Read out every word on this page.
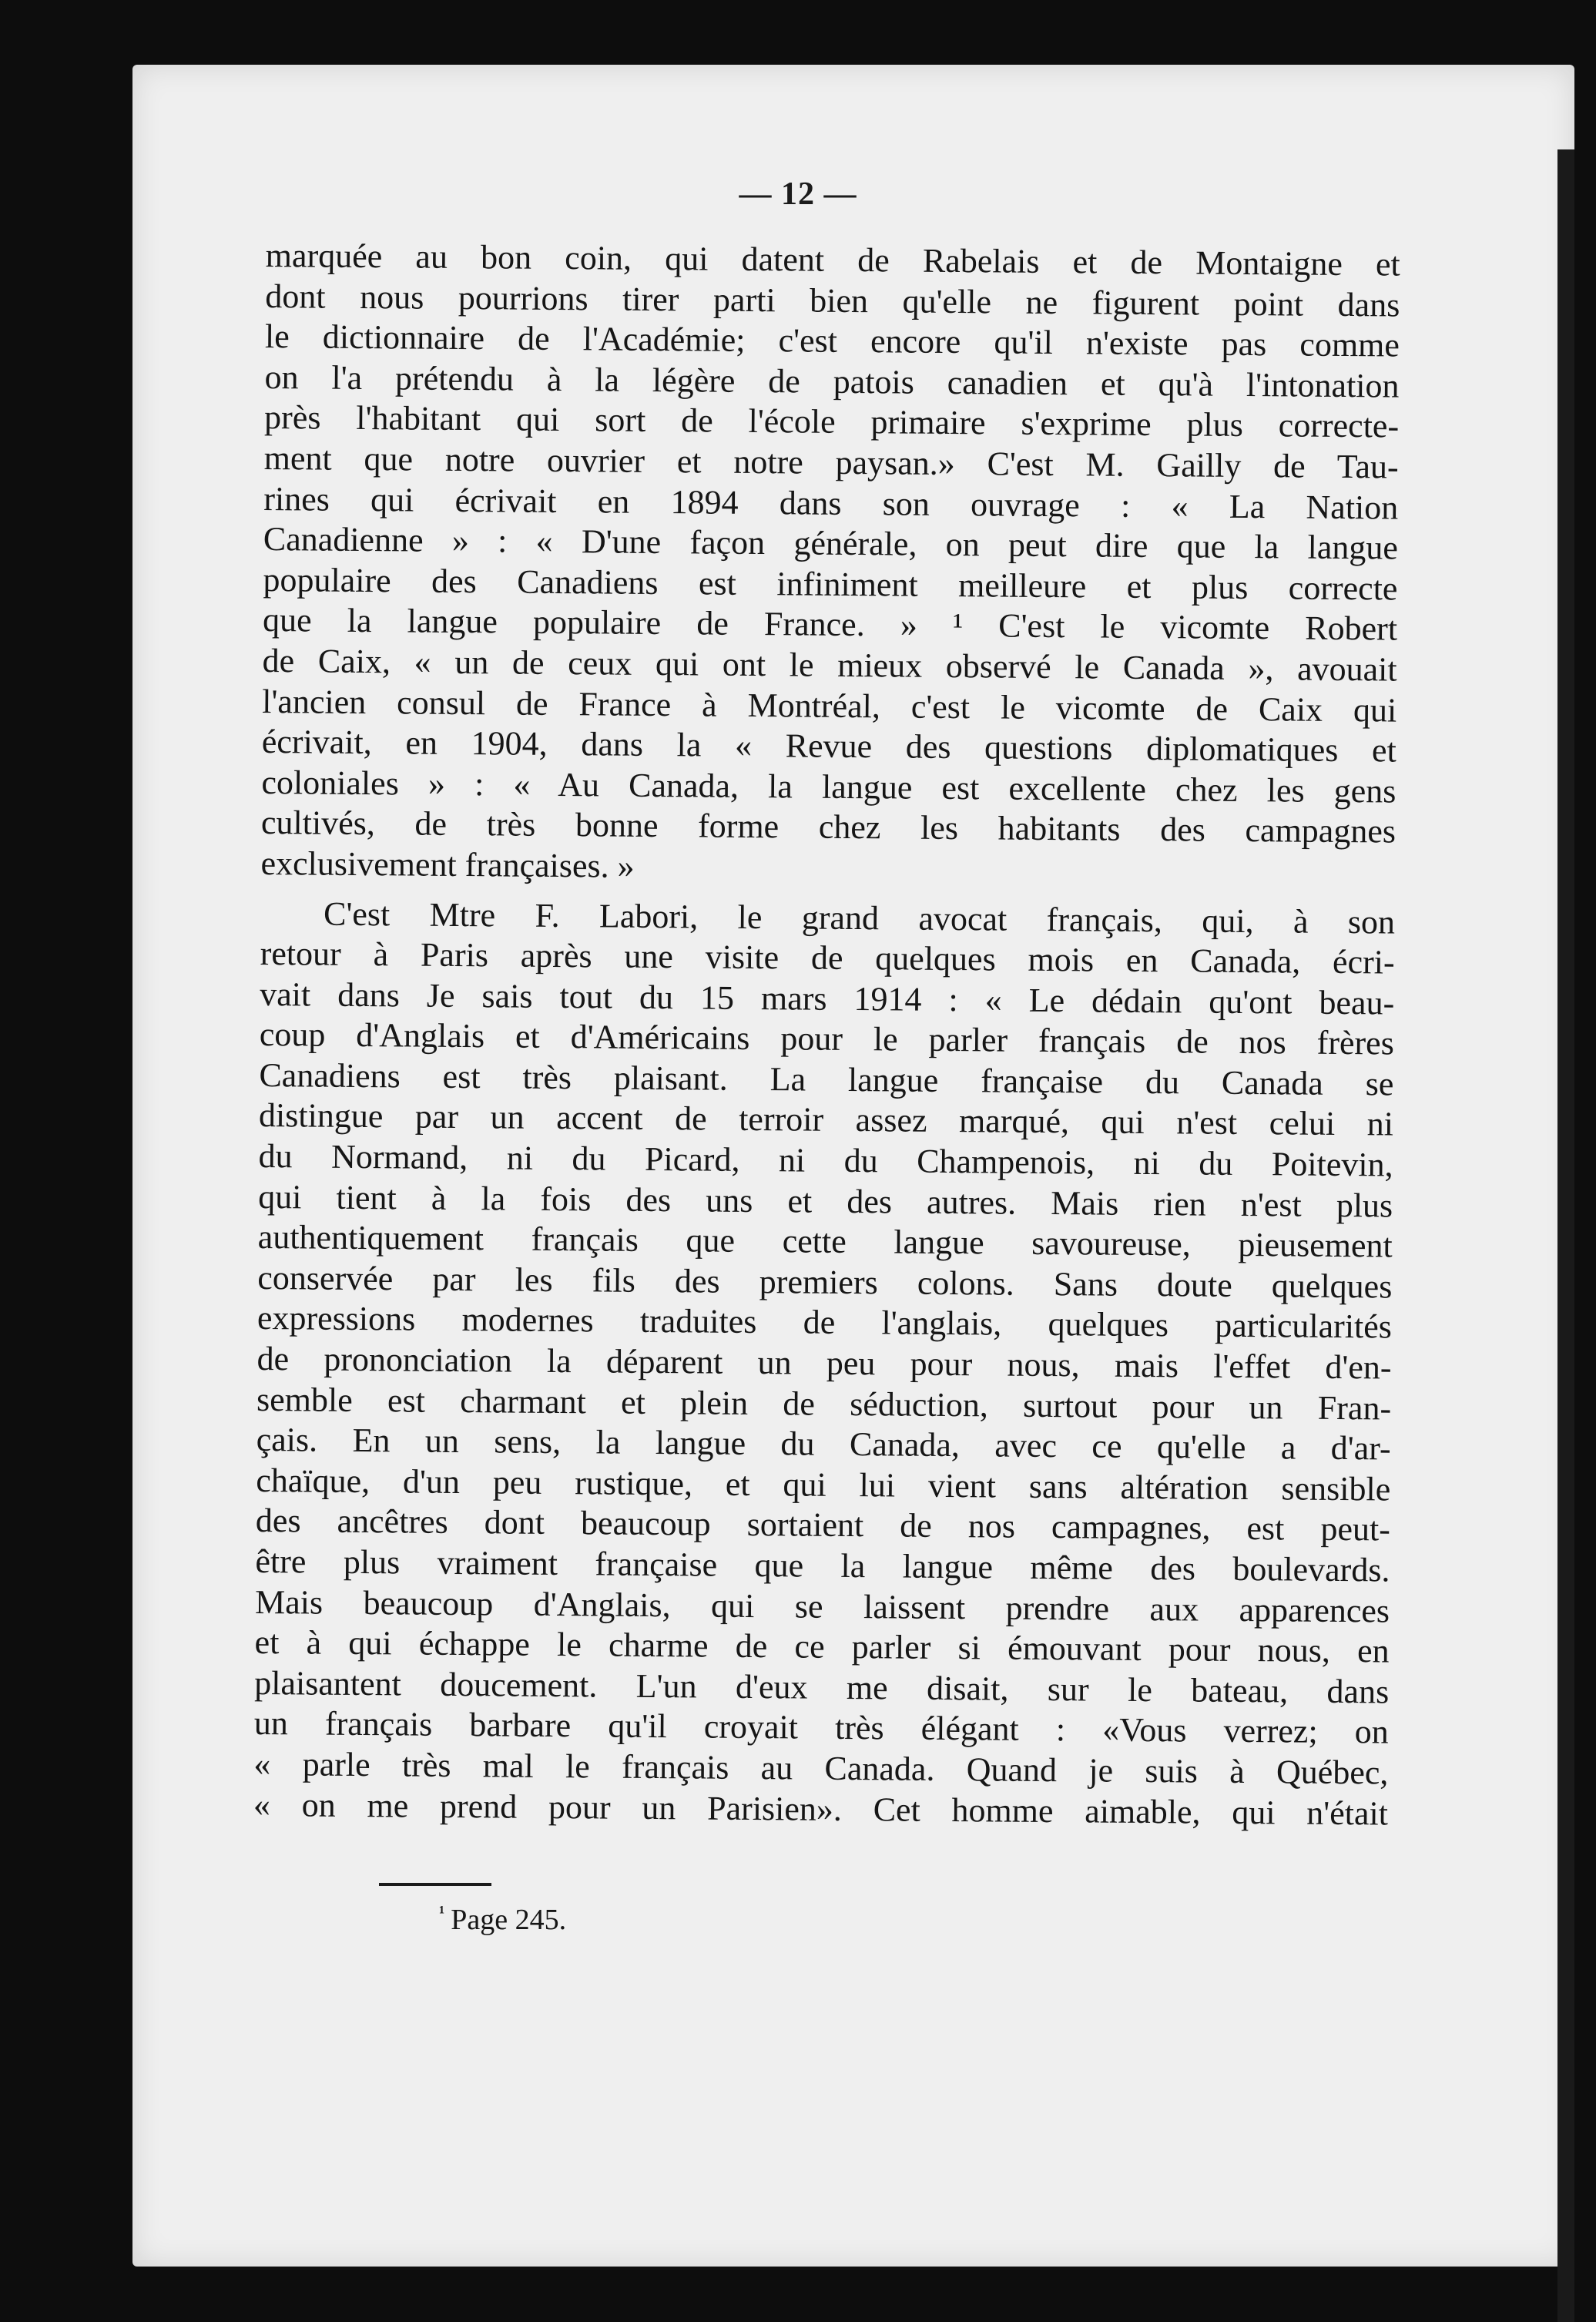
— 12 —
marquée au bon coin, qui datent de Rabelais et de Montaigne et
dont nous pourrions tirer parti bien qu'elle ne figurent point dans
le dictionnaire de l'Académie; c'est encore qu'il n'existe pas comme
on l'a prétendu à la légère de patois canadien et qu'à l'intonation
près l'habitant qui sort de l'école primaire s'exprime plus correcte-
ment que notre ouvrier et notre paysan.» C'est M. Gailly de Tau-
rines qui écrivait en 1894 dans son ouvrage : « La Nation
Canadienne » : « D'une façon générale, on peut dire que la langue
populaire des Canadiens est infiniment meilleure et plus correcte
que la langue populaire de France. » ¹ C'est le vicomte Robert
de Caix, « un de ceux qui ont le mieux observé le Canada », avouait
l'ancien consul de France à Montréal, c'est le vicomte de Caix qui
écrivait, en 1904, dans la « Revue des questions diplomatiques et
coloniales » : « Au Canada, la langue est excellente chez les gens
cultivés, de très bonne forme chez les habitants des campagnes
exclusivement françaises. »
C'est Mtre F. Labori, le grand avocat français, qui, à son
retour à Paris après une visite de quelques mois en Canada, écri-
vait dans Je sais tout du 15 mars 1914 : « Le dédain qu'ont beau-
coup d'Anglais et d'Américains pour le parler français de nos frères
Canadiens est très plaisant. La langue française du Canada se
distingue par un accent de terroir assez marqué, qui n'est celui ni
du Normand, ni du Picard, ni du Champenois, ni du Poitevin,
qui tient à la fois des uns et des autres. Mais rien n'est plus
authentiquement français que cette langue savoureuse, pieusement
conservée par les fils des premiers colons. Sans doute quelques
expressions modernes traduites de l'anglais, quelques particularités
de prononciation la déparent un peu pour nous, mais l'effet d'en-
semble est charmant et plein de séduction, surtout pour un Fran-
çais. En un sens, la langue du Canada, avec ce qu'elle a d'ar-
chaïque, d'un peu rustique, et qui lui vient sans altération sensible
des ancêtres dont beaucoup sortaient de nos campagnes, est peut-
être plus vraiment française que la langue même des boulevards.
Mais beaucoup d'Anglais, qui se laissent prendre aux apparences
et à qui échappe le charme de ce parler si émouvant pour nous, en
plaisantent doucement. L'un d'eux me disait, sur le bateau, dans
un français barbare qu'il croyait très élégant : «Vous verrez; on
« parle très mal le français au Canada. Quand je suis à Québec,
« on me prend pour un Parisien». Cet homme aimable, qui n'était
$^{^1}$ Page 245.
